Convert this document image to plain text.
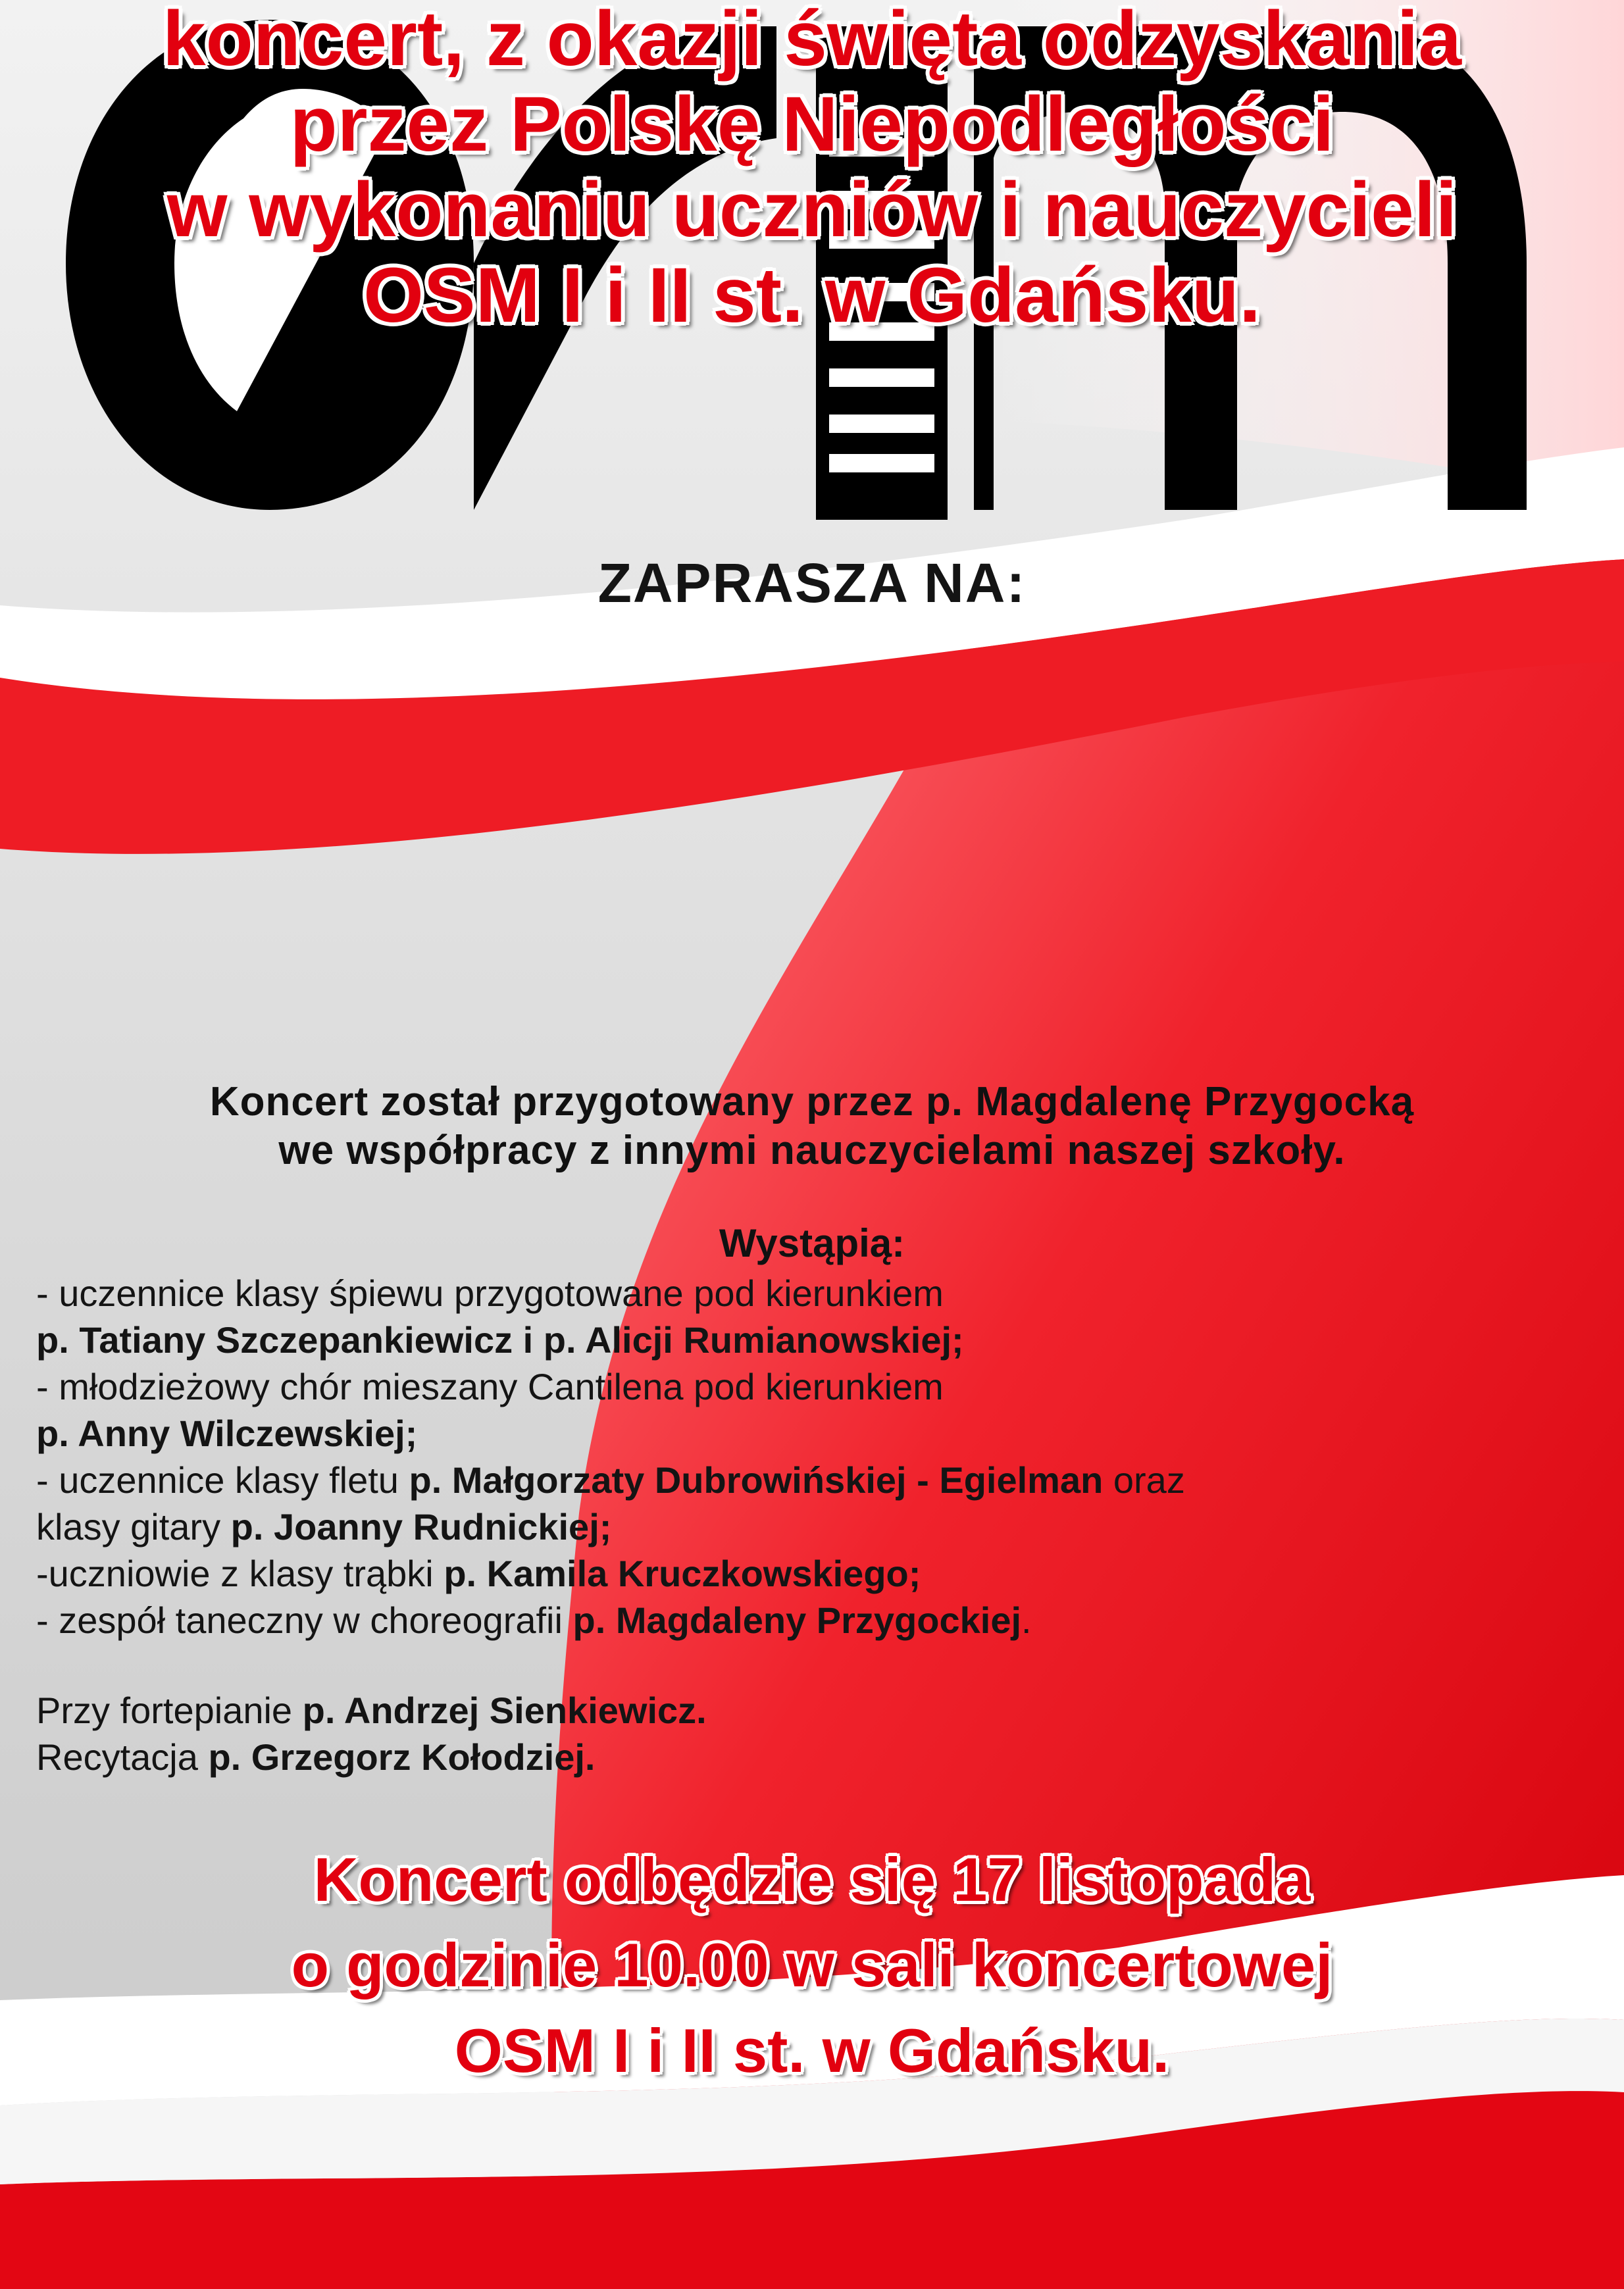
ZAPRASZA NA:
koncert, z okazji święta odzyskania
przez Polskę Niepodległości
w wykonaniu uczniów i nauczycieli
OSM I i II st. w Gdańsku.
Koncert został przygotowany przez p. Magdalenę Przygocką
we współpracy z innymi nauczycielami naszej szkoły.
Wystąpią:
- uczennice klasy śpiewu przygotowane pod kierunkiem
p. Tatiany Szczepankiewicz i p. Alicji Rumianowskiej;
- młodzieżowy chór mieszany Cantilena pod kierunkiem
p. Anny Wilczewskiej;
- uczennice klasy fletu p. Małgorzaty Dubrowińskiej - Egielman oraz
klasy gitary p. Joanny Rudnickiej;
-uczniowie z klasy trąbki p. Kamila Kruczkowskiego;
- zespół taneczny w choreografii p. Magdaleny Przygockiej.
Przy fortepianie p. Andrzej Sienkiewicz.
Recytacja p. Grzegorz Kołodziej.
Koncert odbędzie się 17 listopada
o godzinie 10.00 w sali koncertowej
OSM I i II st. w Gdańsku.
